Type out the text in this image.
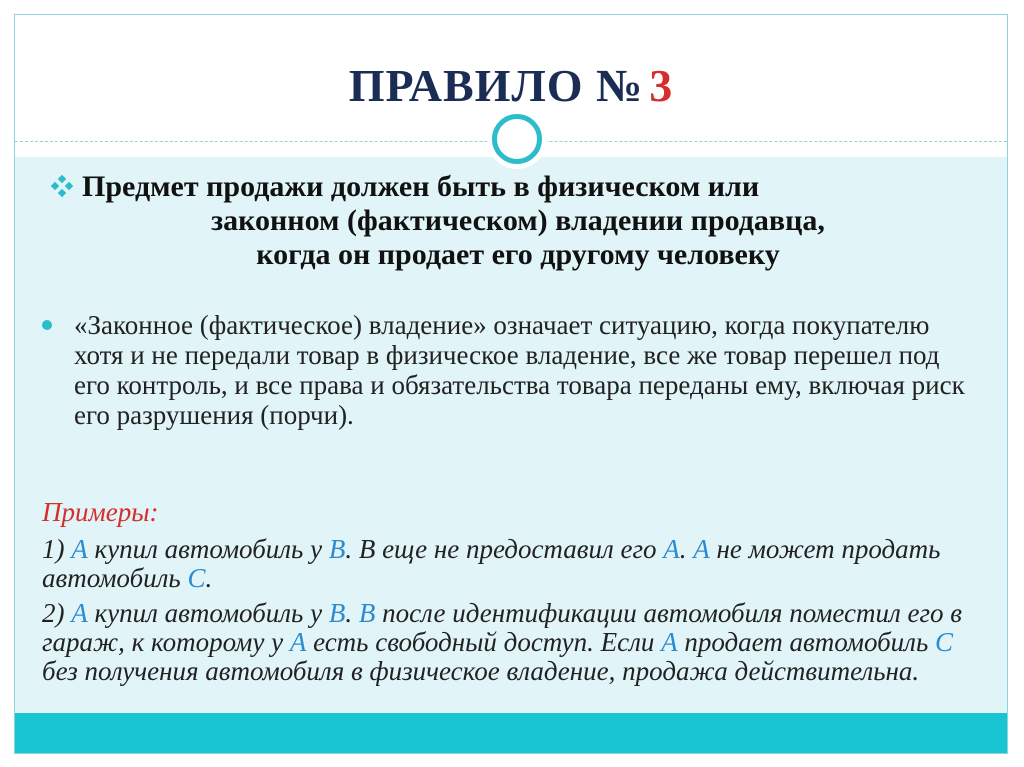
ПРАВИЛО № 3
Предмет продажи должен быть в физическом или
законном (фактическом) владении продавца,
когда он продает его другому человеку
«Законное (фактическое) владение» означает ситуацию, когда покупателю хотя и не передали товар в физическое владение, все же товар перешел под его контроль, и все права и обязательства товара переданы ему, включая риск его разрушения (порчи).
Примеры:
1) А купил автомобиль у В. В еще не предоставил его А. А не может продать автомобиль С.
2) А купил автомобиль у В. В после идентификации автомобиля поместил его в гараж, к которому у А есть свободный доступ. Если А продает автомобиль С без получения автомобиля в физическое владение, продажа действительна.
